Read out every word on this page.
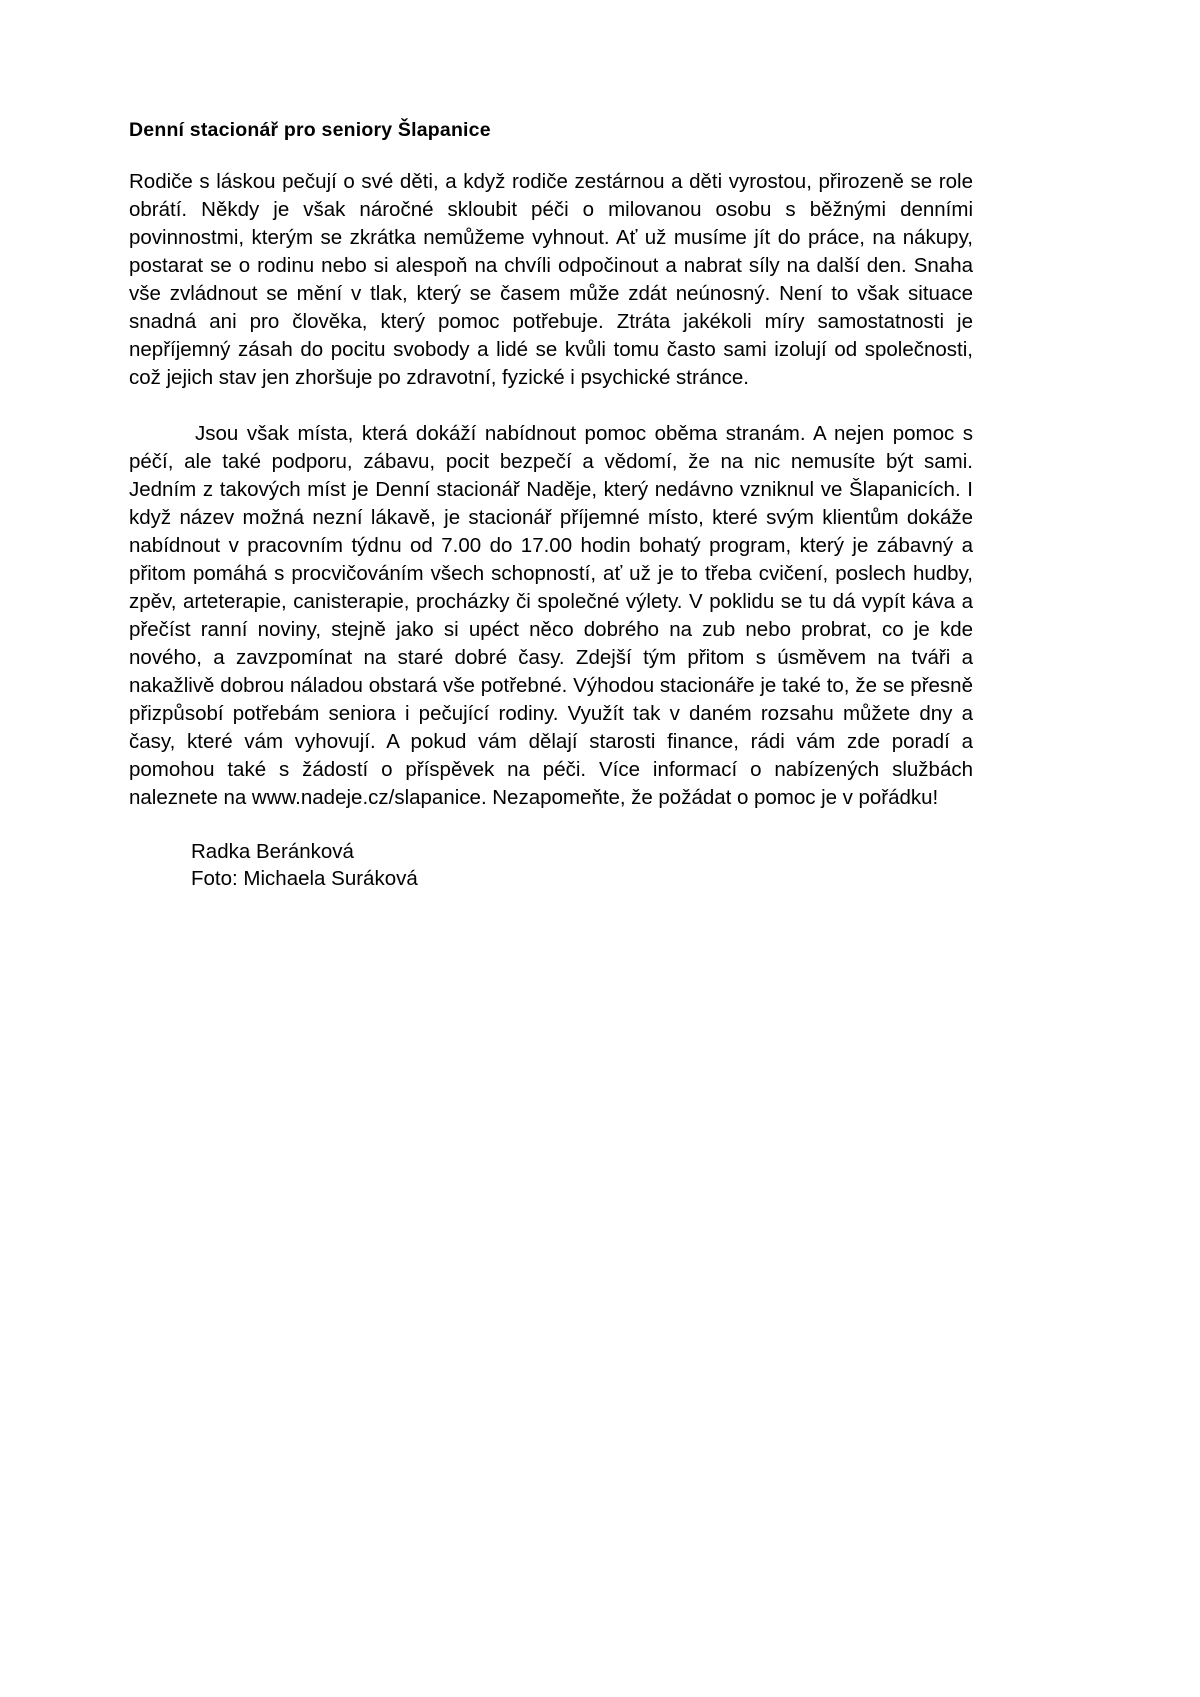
Denní stacionář pro seniory Šlapanice

Rodiče s láskou pečují o své děti, a když rodiče zestárnou a děti vyrostou, přirozeně se role obrátí. Někdy je však náročné skloubit péči o milovanou osobu s běžnými denními povinnostmi, kterým se zkrátka nemůžeme vyhnout. Ať už musíme jít do práce, na nákupy, postarat se o rodinu nebo si alespoň na chvíli odpočinout a nabrat síly na další den. Snaha vše zvládnout se mění v tlak, který se časem může zdát neúnosný. Není to však situace snadná ani pro člověka, který pomoc potřebuje. Ztráta jakékoli míry samostatnosti je nepříjemný zásah do pocitu svobody a lidé se kvůli tomu často sami izolují od společnosti, což jejich stav jen zhoršuje po zdravotní, fyzické i psychické stránce.

Jsou však místa, která dokáží nabídnout pomoc oběma stranám. A nejen pomoc s péčí, ale také podporu, zábavu, pocit bezpečí a vědomí, že na nic nemusíte být sami. Jedním z takových míst je Denní stacionář Naděje, který nedávno vzniknul ve Šlapanicích. I když název možná nezní lákavě, je stacionář příjemné místo, které svým klientům dokáže nabídnout v pracovním týdnu od 7.00 do 17.00 hodin bohatý program, který je zábavný a přitom pomáhá s procvičováním všech schopností, ať už je to třeba cvičení, poslech hudby, zpěv, arteterapie, canisterapie, procházky či společné výlety. V poklidu se tu dá vypít káva a přečíst ranní noviny, stejně jako si upéct něco dobrého na zub nebo probrat, co je kde nového, a zavzpomínat na staré dobré časy. Zdejší tým přitom s úsměvem na tváři a nakažlivě dobrou náladou obstará vše potřebné. Výhodou stacionáře je také to, že se přesně přizpůsobí potřebám seniora i pečující rodiny. Využít tak v daném rozsahu můžete dny a časy, které vám vyhovují. A pokud vám dělají starosti finance, rádi vám zde poradí a pomohou také s žádostí o příspěvek na péči. Více informací o nabízených službách naleznete na www.nadeje.cz/slapanice. Nezapomeňte, že požádat o pomoc je v pořádku!

Radka Beránková
Foto: Michaela Suráková
